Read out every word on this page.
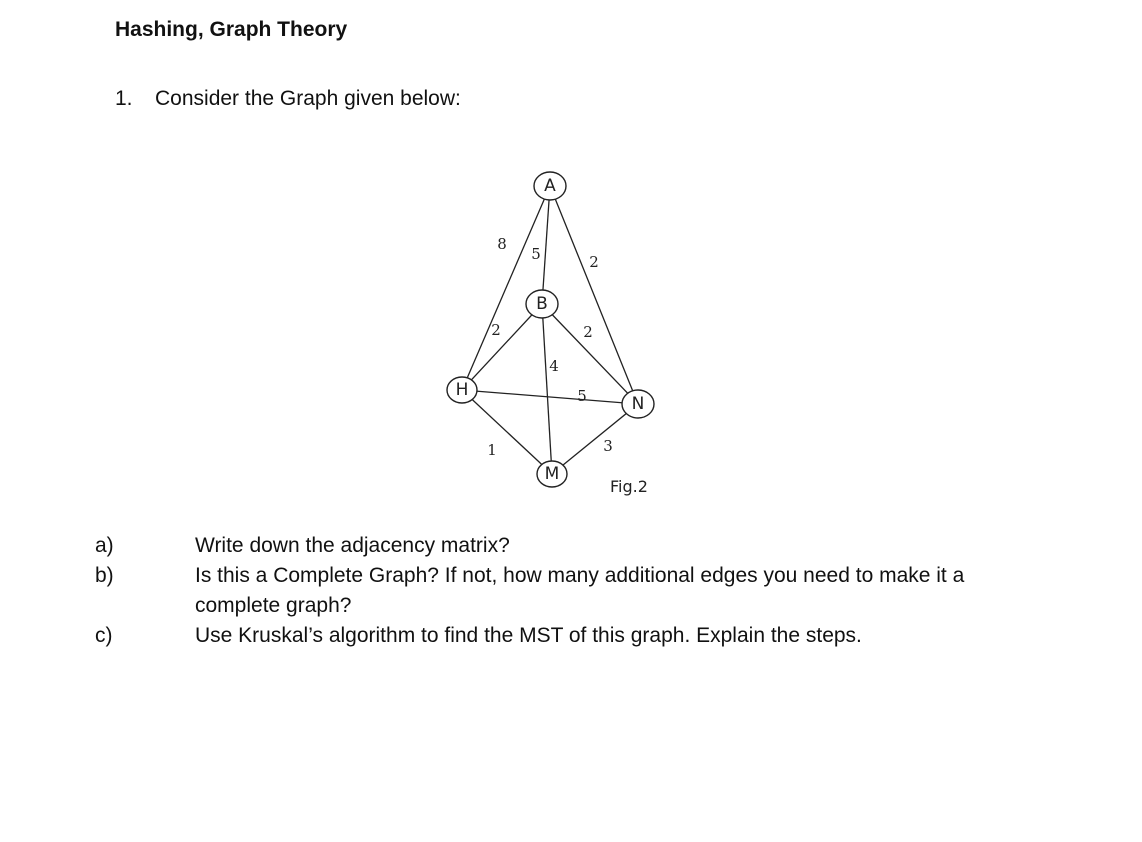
Hashing, Graph Theory
1. Consider the Graph given below:
8
5	2
2	2
4
5
1	3
A
B
H
N
M
Fig.2
a)	Write down the adjacency matrix?
b)	Is this a Complete Graph? If not, how many additional edges you need to make it a complete graph?
c)	Use Kruskal’s algorithm to find the MST of this graph. Explain the steps.
